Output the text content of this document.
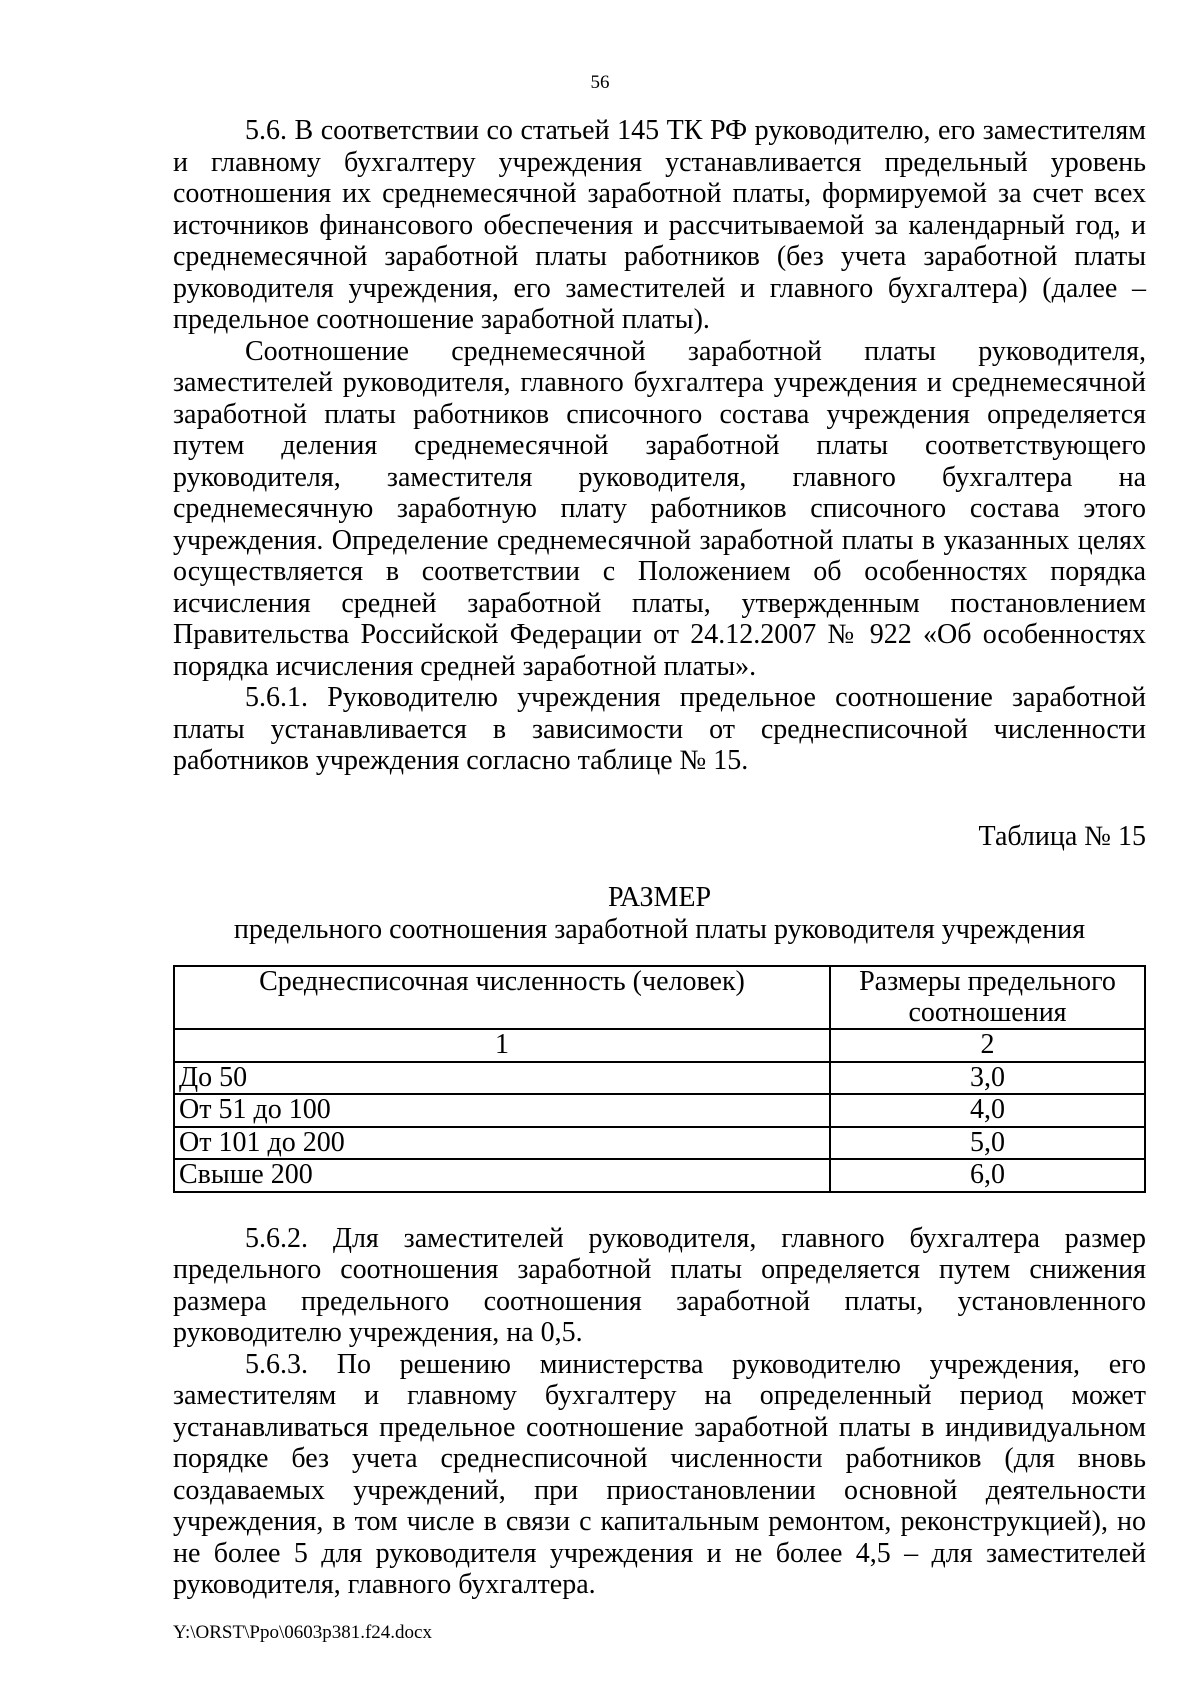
56

5.6. В соответствии со статьей 145 ТК РФ руководителю, его заместителям и главному бухгалтеру учреждения устанавливается предельный уровень соотношения их среднемесячной заработной платы, формируемой за счет всех источников финансового обеспечения и рассчитываемой за календарный год, и среднемесячной заработной платы работников (без учета заработной платы руководителя учреждения, его заместителей и главного бухгалтера) (далее – предельное соотношение заработной платы).

Соотношение среднемесячной заработной платы руководителя, заместителей руководителя, главного бухгалтера учреждения и среднемесячной заработной платы работников списочного состава учреждения определяется путем деления среднемесячной заработной платы соответствующего руководителя, заместителя руководителя, главного бухгалтера на среднемесячную заработную плату работников списочного состава этого учреждения. Определение среднемесячной заработной платы в указанных целях осуществляется в соответствии с Положением об особенностях порядка исчисления средней заработной платы, утвержденным постановлением Правительства Российской Федерации от 24.12.2007 № 922 «Об особенностях порядка исчисления средней заработной платы».

5.6.1. Руководителю учреждения предельное соотношение заработной платы устанавливается в зависимости от среднесписочной численности работников учреждения согласно таблице № 15.

Таблица № 15

РАЗМЕР
предельного соотношения заработной платы руководителя учреждения
Среднесписочная численность (человек)	Размеры предельного соотношения
1	2
До 50	3,0
От 51 до 100	4,0
От 101 до 200	5,0
Свыше 200	6,0

5.6.2. Для заместителей руководителя, главного бухгалтера размер предельного соотношения заработной платы определяется путем снижения размера предельного соотношения заработной платы, установленного руководителю учреждения, на 0,5.

5.6.3. По решению министерства руководителю учреждения, его заместителям и главному бухгалтеру на определенный период может устанавливаться предельное соотношение заработной платы в индивидуальном порядке без учета среднесписочной численности работников (для вновь создаваемых учреждений, при приостановлении основной деятельности учреждения, в том числе в связи с капитальным ремонтом, реконструкцией), но не более 5 для руководителя учреждения и не более 4,5 – для заместителей руководителя, главного бухгалтера.

Y:\ORST\Ppo\0603p381.f24.docx
